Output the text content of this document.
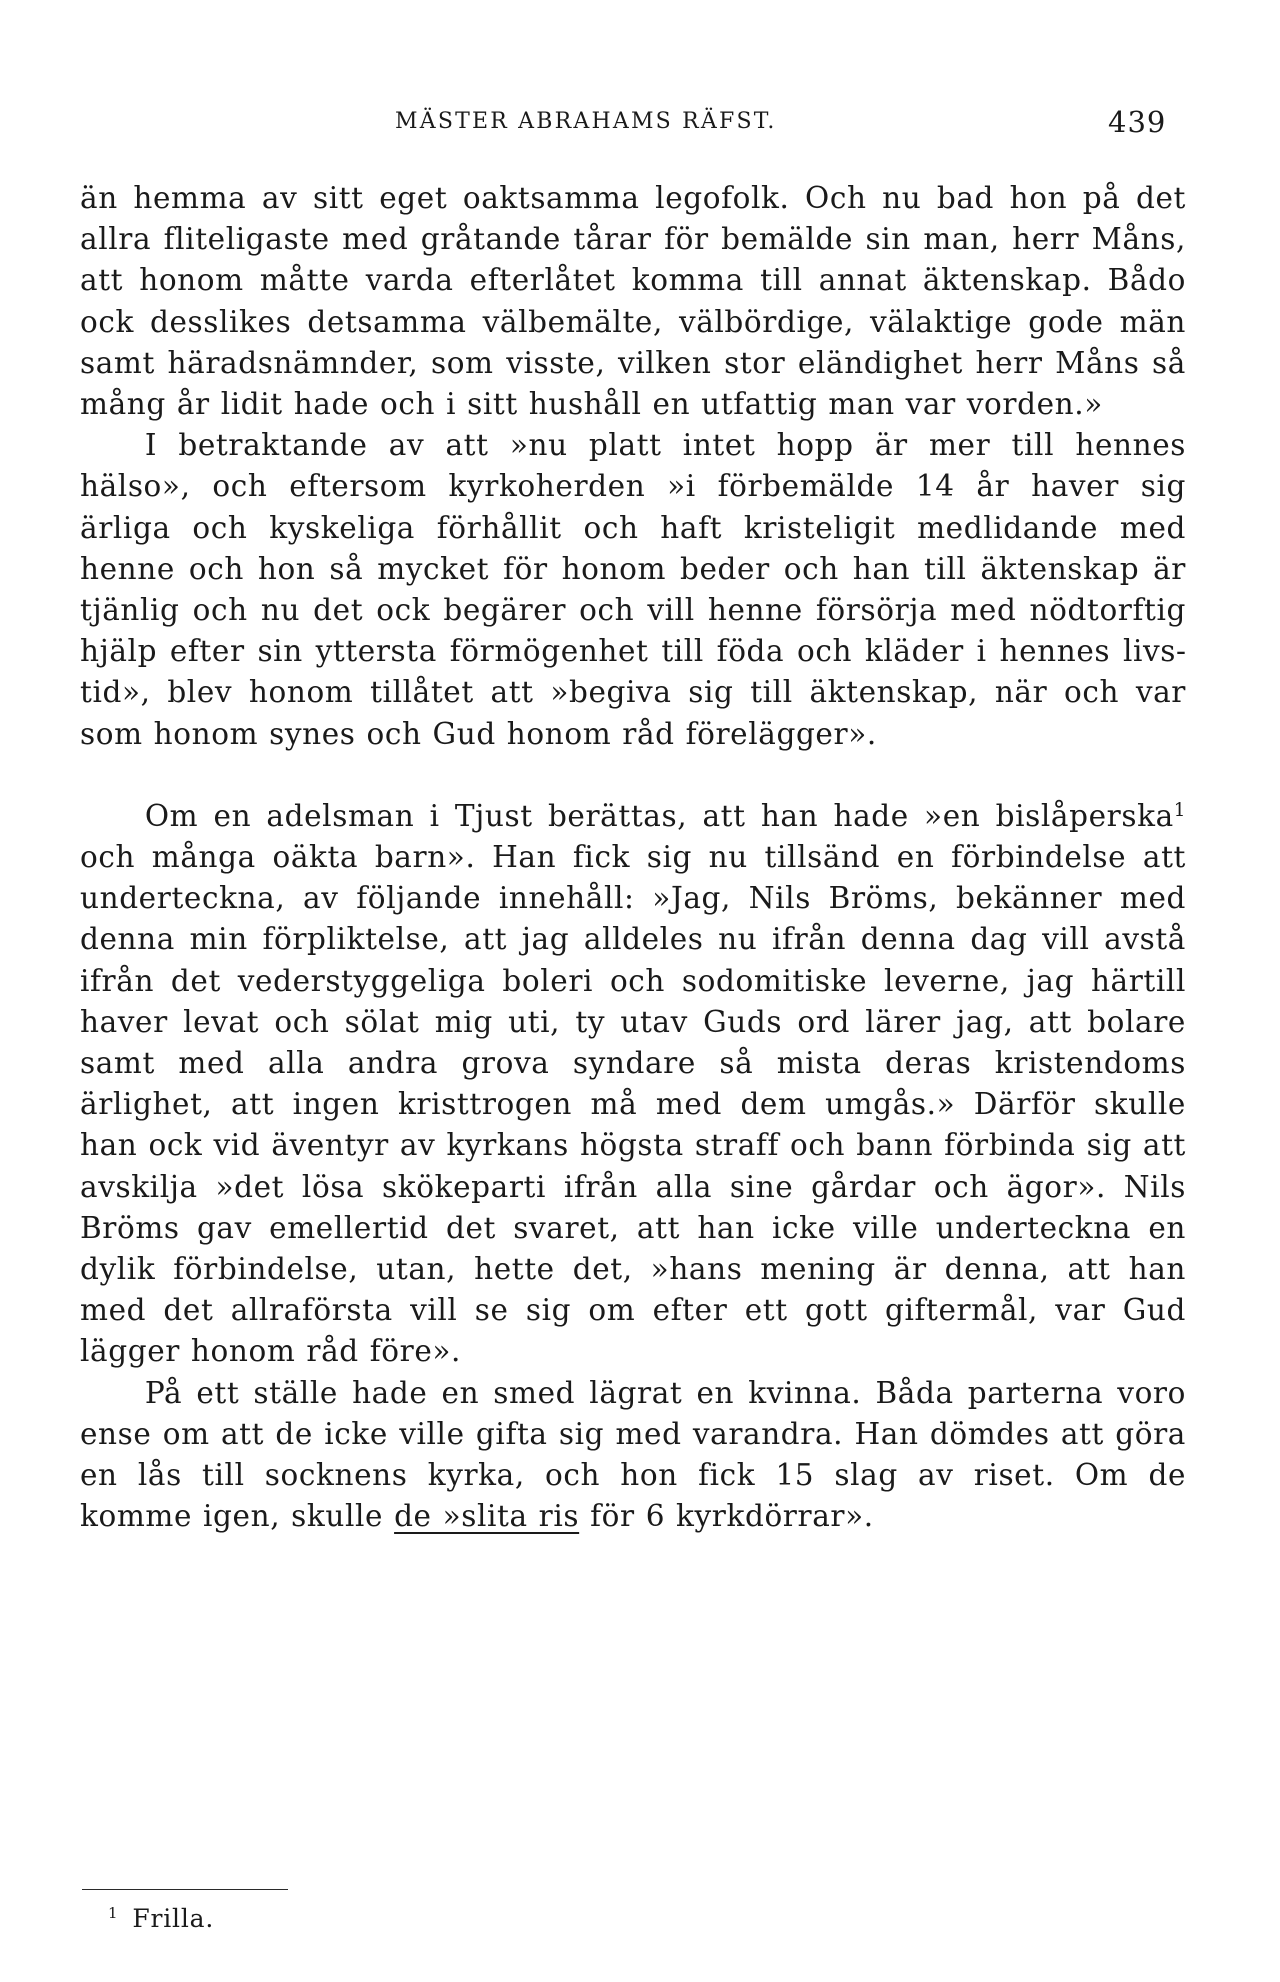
MÄSTER ABRAHAMS RÄFST.	439

än hemma av sitt eget oaktsamma legofolk. Och nu bad hon på det allra fliteligaste med gråtande tårar för bemälde sin man, herr Måns, att honom måtte varda efterlåtet komma till annat äktenskap. Bådo ock desslikes detsamma välbemälte, välbördige, välaktige gode män samt häradsnämnder, som visste, vilken stor eländighet herr Måns så mång år lidit hade och i sitt hushåll en utfattig man var vorden.»

I betraktande av att »nu platt intet hopp är mer till hennes hälso», och eftersom kyrkoherden »i förbemälde 14 år haver sig ärliga och kyskeliga förhållit och haft kristeligit medlidande med henne och hon så mycket för honom beder och han till äktenskap är tjänlig och nu det ock begärer och vill henne försörja med nödtorftig hjälp efter sin yttersta förmögenhet till föda och kläder i hennes livstid», blev honom tillåtet att »begiva sig till äktenskap, när och var som honom synes och Gud honom råd förelägger».

Om en adelsman i Tjust berättas, att han hade »en bislåperska$^1$ och många oäkta barn». Han fick sig nu tillsänd en förbindelse att underteckna, av följande innehåll: »Jag, Nils Bröms, bekänner med denna min förpliktelse, att jag alldeles nu ifrån denna dag vill avstå ifrån det vederstyggeliga boleri och sodomitiske leverne, jag härtill haver levat och sölat mig uti, ty utav Guds ord lärer jag, att bolare samt med alla andra grova syndare så mista deras kristendoms ärlighet, att ingen kristtrogen må med dem umgås.» Därför skulle han ock vid äventyr av kyrkans högsta straff och bann förbinda sig att avskilja »det lösa skökeparti ifrån alla sine gårdar och ägor». Nils Bröms gav emellertid det svaret, att han icke ville underteckna en dylik förbindelse, utan, hette det, »hans mening är denna, att han med det allraförsta vill se sig om efter ett gott giftermål, var Gud lägger honom råd före».

På ett ställe hade en smed lägrat en kvinna. Båda parterna voro ense om att de icke ville gifta sig med varandra. Han dömdes att göra en lås till socknens kyrka, och hon fick 15 slag av riset. Om de komme igen, skulle de »slita ris för 6 kyrkdörrar».

$^1$ Frilla.
